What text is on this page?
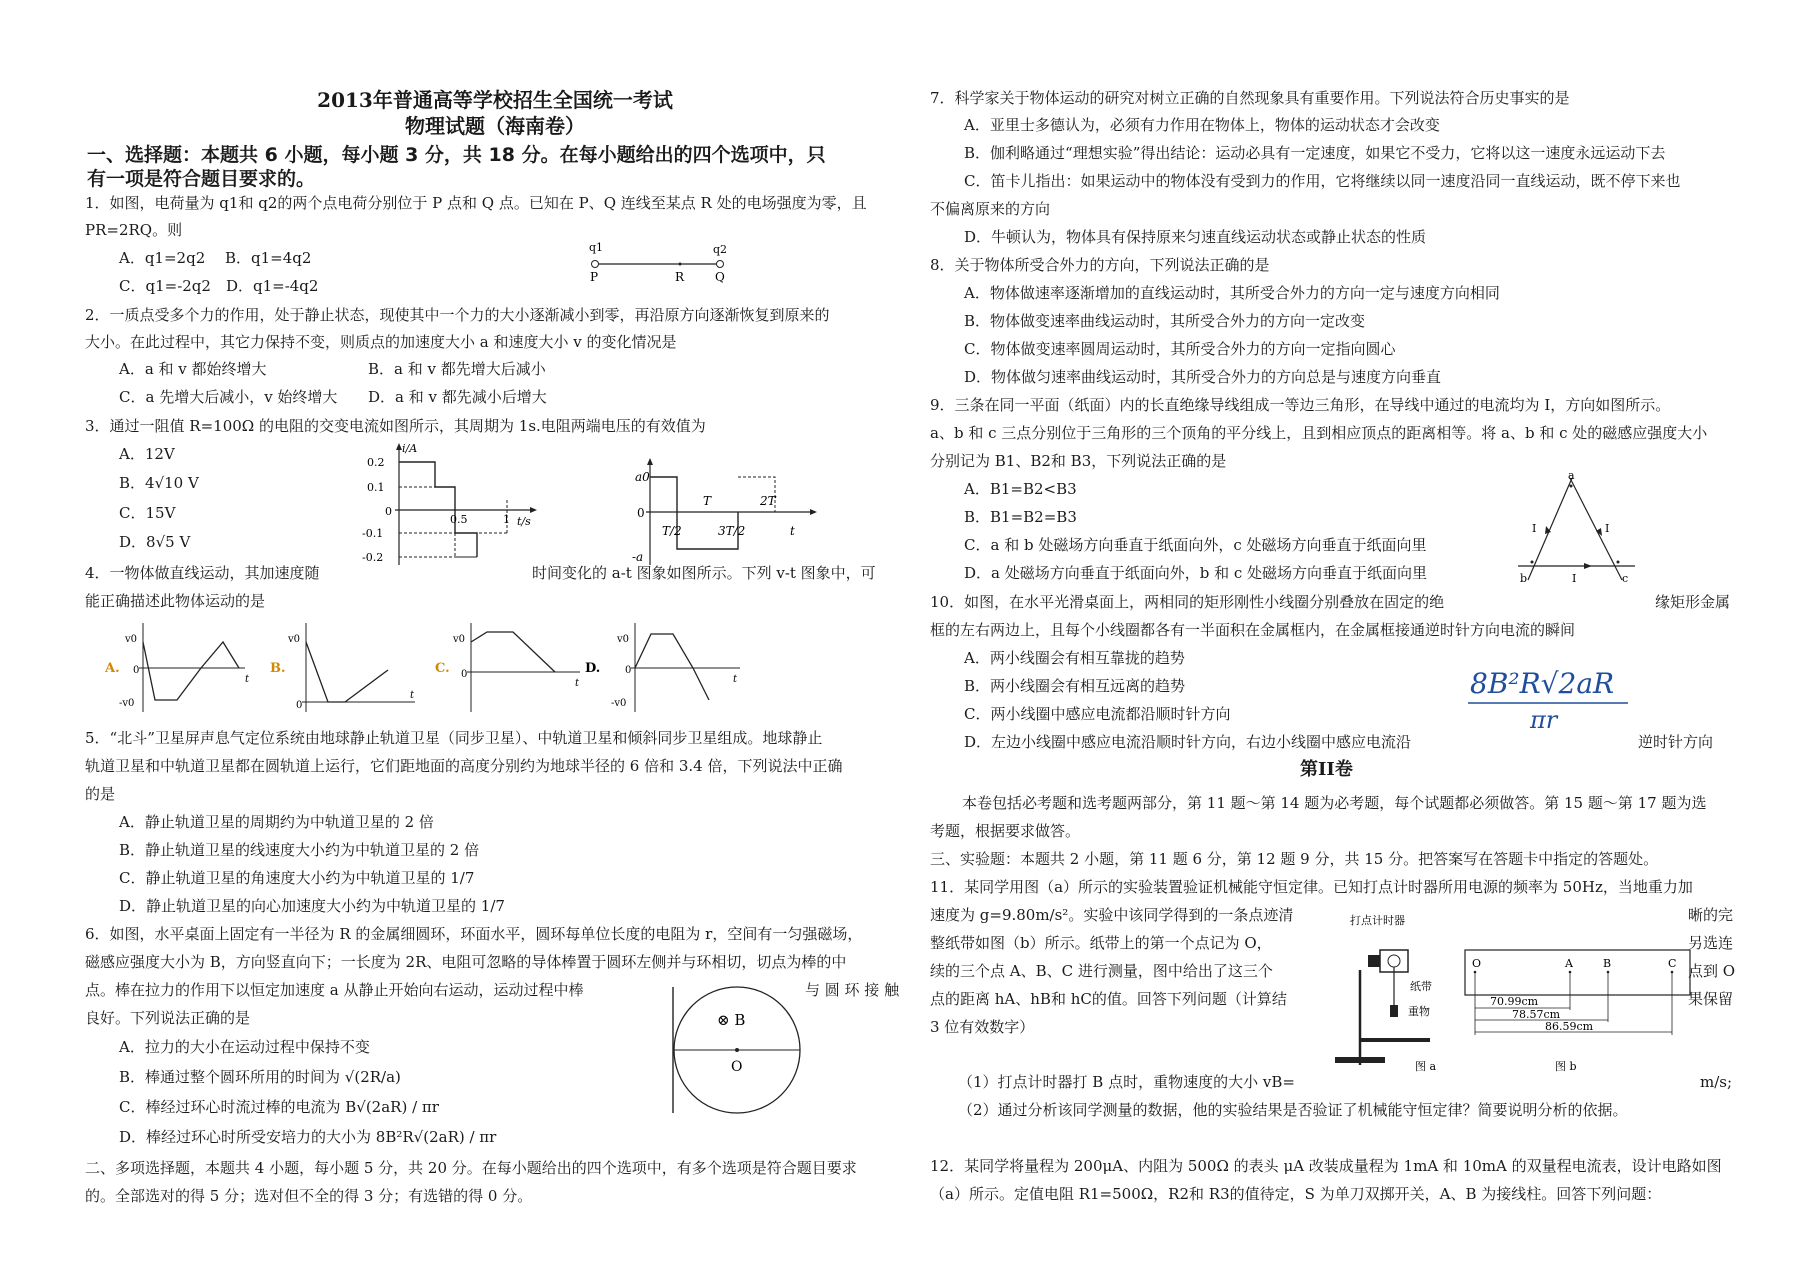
2013年普通高等学校招生全国统一考试
物理试题（海南卷）
一、选择题：本题共 6 小题，每小题 3 分，共 18 分。在每小题给出的四个选项中，只
有一项是符合题目要求的。
1．如图，电荷量为 q1和 q2的两个点电荷分别位于 P 点和 Q 点。已知在 P、Q 连线至某点 R 处的电场强度为零，且
PR=2RQ。则
A．q1=2q2　 B．q1=4q2
C．q1=-2q2　D．q1=-4q2
q1	q2
P	R	Q
2．一质点受多个力的作用，处于静止状态，现使其中一个力的大小逐渐减小到零，再沿原方向逐渐恢复到原来的
大小。在此过程中，其它力保持不变，则质点的加速度大小 a 和速度大小 v 的变化情况是
A．a 和 v 都始终增大	B．a 和 v 都先增大后减小
C．a 先增大后减小，v 始终增大 D．a 和 v 都先减小后增大
3．通过一阻值 R=100Ω 的电阻的交变电流如图所示，其周期为 1s.电阻两端电压的有效值为
A．12V
B．4√10 V
C．15V
D．8√5 V
i/A
0.2
0.1
0
-0.1
-0.2
0.5	1 t/s
a0
0
T/2
T
3T/2
2T
t
-a
4．一物体做直线运动，其加速度随	时间变化的 a-t 图象如图所示。下列 v-t 图象中，可
能正确描述此物体运动的是
A.
v0
-v0
0
t
B.
v0
0
t
C.
v0
0
t
D.
v0
-v0
0
t
5．“北斗”卫星屏声息气定位系统由地球静止轨道卫星（同步卫星）、中轨道卫星和倾斜同步卫星组成。地球静止
轨道卫星和中轨道卫星都在圆轨道上运行，它们距地面的高度分别约为地球半径的 6 倍和 3.4 倍，下列说法中正确
的是
A．静止轨道卫星的周期约为中轨道卫星的 2 倍
B．静止轨道卫星的线速度大小约为中轨道卫星的 2 倍
C．静止轨道卫星的角速度大小约为中轨道卫星的 1/7
D．静止轨道卫星的向心加速度大小约为中轨道卫星的 1/7
6．如图，水平桌面上固定有一半径为 R 的金属细圆环，环面水平，圆环每单位长度的电阻为 r，空间有一匀强磁场，
磁感应强度大小为 B，方向竖直向下；一长度为 2R、电阻可忽略的导体棒置于圆环左侧并与环相切，切点为棒的中
点。棒在拉力的作用下以恒定加速度 a 从静止开始向右运动，运动过程中棒	与 圆 环 接 触
良好。下列说法正确的是
A．拉力的大小在运动过程中保持不变
B．棒通过整个圆环所用的时间为 √(2R/a)
C．棒经过环心时流过棒的电流为 B√(2aR) / πr
D．棒经过环心时所受安培力的大小为 8B²R√(2aR) / πr
⊗ B
O
二、多项选择题，本题共 4 小题，每小题 5 分，共 20 分。在每小题给出的四个选项中，有多个选项是符合题目要求
的。全部选对的得 5 分；选对但不全的得 3 分；有选错的得 0 分。
7．科学家关于物体运动的研究对树立正确的自然现象具有重要作用。下列说法符合历史事实的是
A．亚里士多德认为，必须有力作用在物体上，物体的运动状态才会改变
B．伽利略通过“理想实验”得出结论：运动必具有一定速度，如果它不受力，它将以这一速度永远运动下去
C．笛卡儿指出：如果运动中的物体没有受到力的作用，它将继续以同一速度沿同一直线运动，既不停下来也
不偏离原来的方向
D．牛顿认为，物体具有保持原来匀速直线运动状态或静止状态的性质
8．关于物体所受合外力的方向，下列说法正确的是
A．物体做速率逐渐增加的直线运动时，其所受合外力的方向一定与速度方向相同
B．物体做变速率曲线运动时，其所受合外力的方向一定改变
C．物体做变速率圆周运动时，其所受合外力的方向一定指向圆心
D．物体做匀速率曲线运动时，其所受合外力的方向总是与速度方向垂直
9．三条在同一平面（纸面）内的长直绝缘导线组成一等边三角形，在导线中通过的电流均为 I，方向如图所示。
a、b 和 c 三点分别位于三角形的三个顶角的平分线上，且到相应顶点的距离相等。将 a、b 和 c 处的磁感应强度大小
分别记为 B1、B2和 B3，下列说法正确的是
A．B1=B2<B3
B．B1=B2=B3
C．a 和 b 处磁场方向垂直于纸面向外，c 处磁场方向垂直于纸面向里
D．a 处磁场方向垂直于纸面向外，b 和 c 处磁场方向垂直于纸面向里
a
b	c
I	I
I
10．如图，在水平光滑桌面上，两相同的矩形刚性小线圈分别叠放在固定的绝	缘矩形金属
框的左右两边上，且每个小线圈都各有一半面积在金属框内，在金属框接通逆时针方向电流的瞬间
A．两小线圈会有相互靠拢的趋势
B．两小线圈会有相互远离的趋势
C．两小线圈中感应电流都沿顺时针方向
D．左边小线圈中感应电流沿顺时针方向，右边小线圈中感应电流沿	逆时针方向
8B²R√2aR
πr
第II卷
本卷包括必考题和选考题两部分，第 11 题～第 14 题为必考题，每个试题都必须做答。第 15 题～第 17 题为选
考题，根据要求做答。
三、实验题：本题共 2 小题，第 11 题 6 分，第 12 题 9 分，共 15 分。把答案写在答题卡中指定的答题处。
11．某同学用图（a）所示的实验装置验证机械能守恒定律。已知打点计时器所用电源的频率为 50Hz，当地重力加
速度为 g=9.80m/s²。实验中该同学得到的一条点迹清	晰的完
整纸带如图（b）所示。纸带上的第一个点记为 O，	另选连
续的三个点 A、B、C 进行测量，图中给出了这三个	点到 O
点的距离 hA、hB和 hC的值。回答下列问题（计算结	果保留
3 位有效数字）
（1）打点计时器打 B 点时，重物速度的大小 vB=	m/s;
（2）通过分析该同学测量的数据，他的实验结果是否验证了机械能守恒定律？简要说明分析的依据。
打点计时器
纸带
重物
图 a
O	A	B	C
70.99cm
78.57cm
86.59cm
图 b
12．某同学将量程为 200μA、内阻为 500Ω 的表头 μA 改装成量程为 1mA 和 10mA 的双量程电流表，设计电路如图
（a）所示。定值电阻 R1=500Ω，R2和 R3的值待定，S 为单刀双掷开关，A、B 为接线柱。回答下列问题：
